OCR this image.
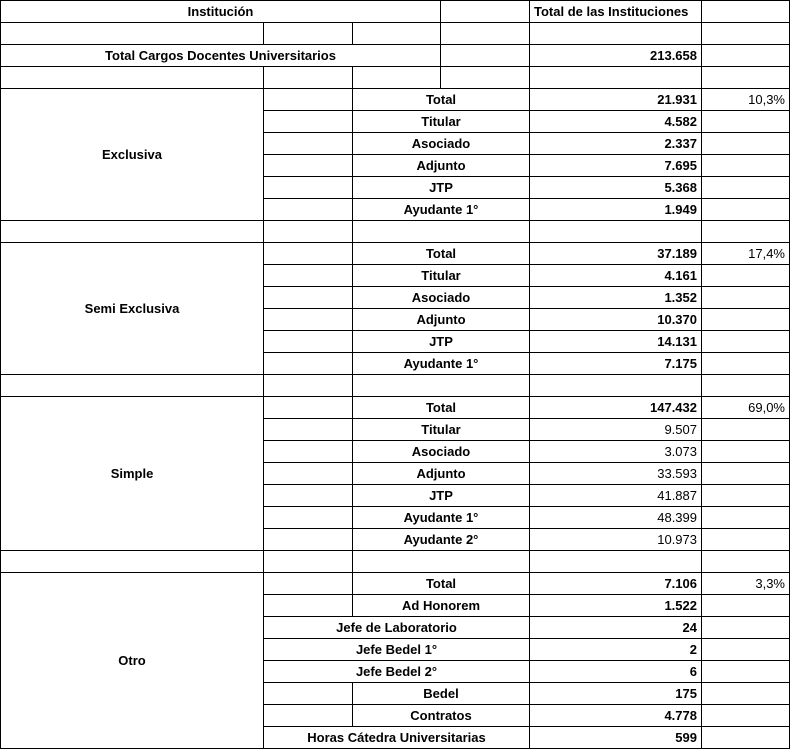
Institución				Total de las Instituciones	

Total Cargos Docentes Universitarios				213.658	

Exclusiva		Total		21.931	10,3%
		Titular		4.582	
		Asociado		2.337	
		Adjunto		7.695	
		JTP		5.368	
		Ayudante 1°		1.949	

Semi Exclusiva		Total		37.189	17,4%
		Titular		4.161	
		Asociado		1.352	
		Adjunto		10.370	
		JTP		14.131	
		Ayudante 1°		7.175	

Simple		Total		147.432	69,0%
		Titular		9.507	
		Asociado		3.073	
		Adjunto		33.593	
		JTP		41.887	
		Ayudante 1°		48.399	
		Ayudante 2°		10.973	

Otro		Total		7.106	3,3%
		Ad Honorem		1.522	
	Jefe de Laboratorio			24	
	Jefe Bedel 1°			2	
	Jefe Bedel 2°			6	
		Bedel		175	
		Contratos		4.778	
	Horas Cátedra Universitarias			599	
